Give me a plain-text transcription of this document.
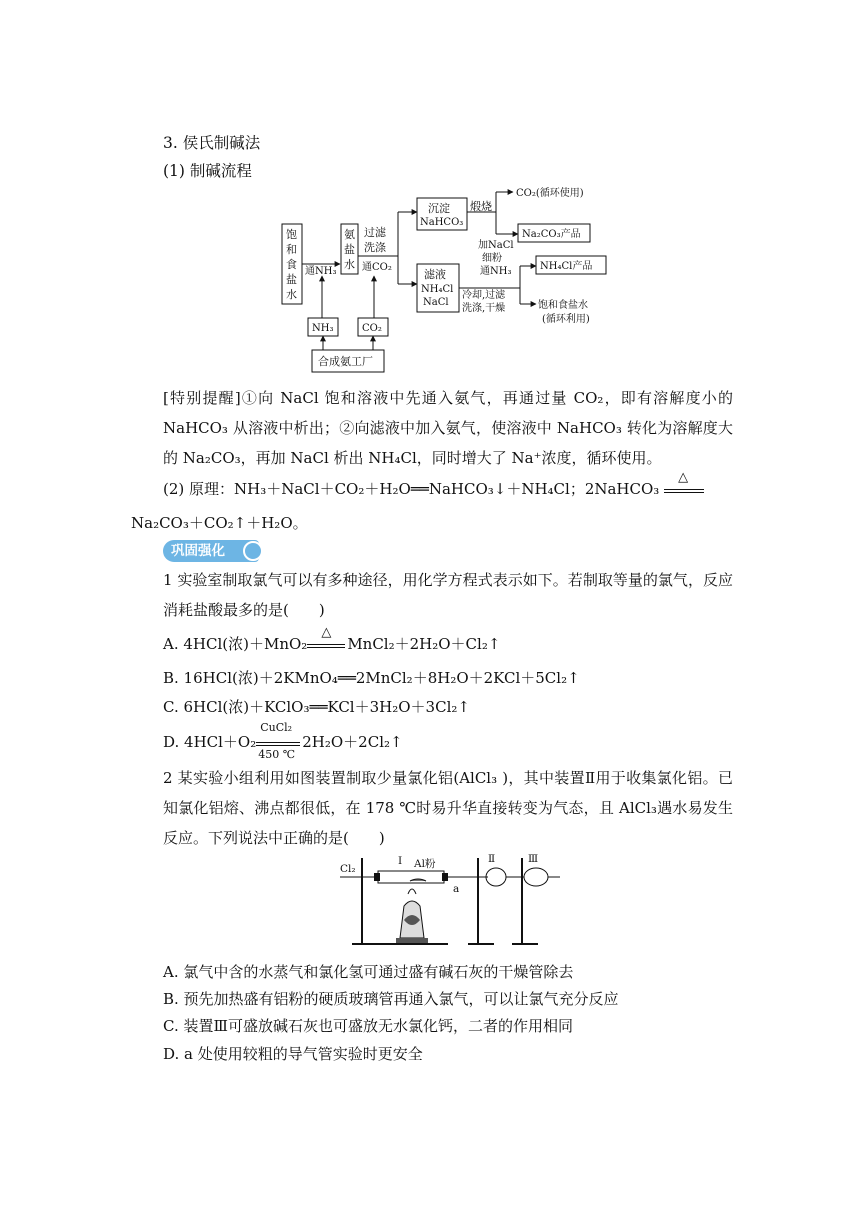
3. 侯氏制碱法
(1) 制碱流程
饱
和
食
盐
水
通NH₃
氨
盐
水
过滤
洗涤
通CO₂
沉淀
NaHCO₃
煅烧
CO₂(循环使用)
Na₂CO₃产品
加NaCl
细粉
通NH₃
滤液
NH₄Cl
NaCl
冷却,过滤
洗涤,干燥
NH₄Cl产品
饱和食盐水
(循环利用)
NH₃	CO₂
合成氨工厂
[特别提醒]①向 NaCl 饱和溶液中先通入氨气，再通过量 CO₂，即有溶解度小的 NaHCO₃ 从溶液中析出；②向滤液中加入氨气，使溶液中 NaHCO₃ 转化为溶解度大的 Na₂CO₃，再加 NaCl 析出 NH₄Cl，同时增大了 Na⁺浓度，循环使用。
(2) 原理：NH₃＋NaCl＋CO₂＋H₂O══NaHCO₃↓＋NH₄Cl；2NaHCO₃
△
Na₂CO₃＋CO₂↑＋H₂O。
巩固强化
1 实验室制取氯气可以有多种途径，用化学方程式表示如下。若制取等量的氯气，反应消耗盐酸最多的是(　　)
A. 4HCl(浓)＋MnO₂
△
MnCl₂＋2H₂O＋Cl₂↑
B. 16HCl(浓)＋2KMnO₄══2MnCl₂＋8H₂O＋2KCl＋5Cl₂↑
C. 6HCl(浓)＋KClO₃══KCl＋3H₂O＋3Cl₂↑
D. 4HCl＋O₂
CuCl₂
450 ℃
2H₂O＋2Cl₂↑
2 某实验小组利用如图装置制取少量氯化铝(AlCl₃ )，其中装置Ⅱ用于收集氯化铝。已知氯化铝熔、沸点都很低，在 178 ℃时易升华直接转变为气态，且 AlCl₃遇水易发生反应。下列说法中正确的是(　　)
Cl₂
Ⅰ Al粉
a
Ⅱ	Ⅲ
A. 氯气中含的水蒸气和氯化氢可通过盛有碱石灰的干燥管除去
B. 预先加热盛有铝粉的硬质玻璃管再通入氯气，可以让氯气充分反应
C. 装置Ⅲ可盛放碱石灰也可盛放无水氯化钙，二者的作用相同
D. a 处使用较粗的导气管实验时更安全
